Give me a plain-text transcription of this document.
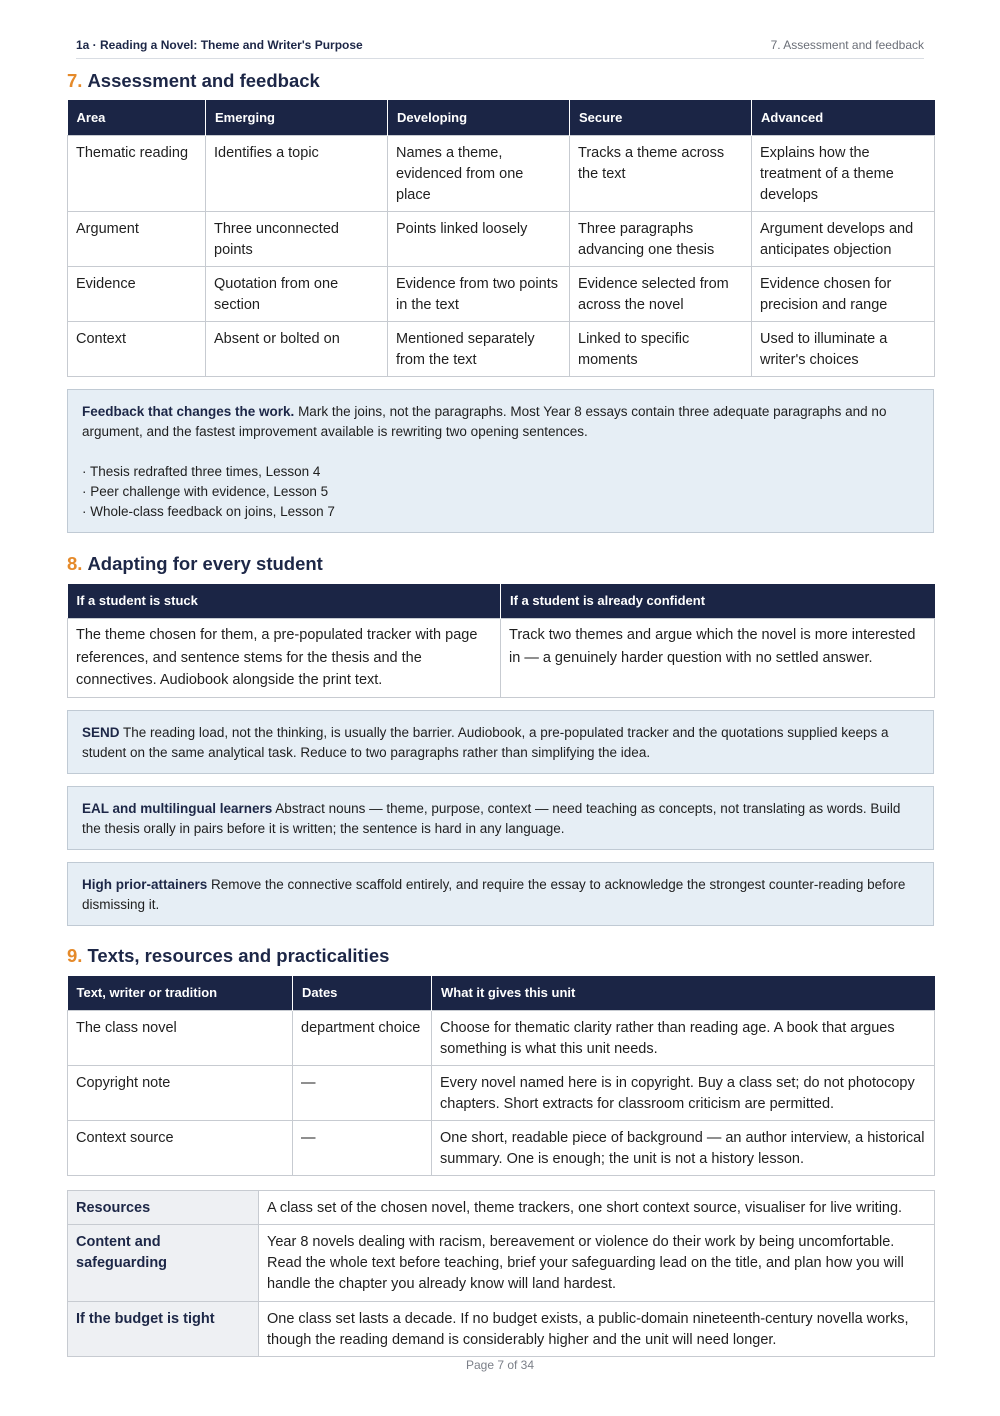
1a · Reading a Novel: Theme and Writer's Purpose	7. Assessment and feedback
7. Assessment and feedback
Area	Emerging	Developing	Secure	Advanced
Thematic reading	Identifies a topic	Names a theme, evidenced from one place	Tracks a theme across the text	Explains how the treatment of a theme develops
Argument	Three unconnected points	Points linked loosely	Three paragraphs advancing one thesis	Argument develops and anticipates objection
Evidence	Quotation from one section	Evidence from two points in the text	Evidence selected from across the novel	Evidence chosen for precision and range
Context	Absent or bolted on	Mentioned separately from the text	Linked to specific moments	Used to illuminate a writer's choices

Feedback that changes the work. Mark the joins, not the paragraphs. Most Year 8 essays contain three adequate paragraphs and no argument, and the fastest improvement available is rewriting two opening sentences.

· Thesis redrafted three times, Lesson 4
· Peer challenge with evidence, Lesson 5
· Whole-class feedback on joins, Lesson 7
8. Adapting for every student
If a student is stuck	If a student is already confident
The theme chosen for them, a pre-populated tracker with page references, and sentence stems for the thesis and the connectives. Audiobook alongside the print text.	Track two themes and argue which the novel is more interested in — a genuinely harder question with no settled answer.

SEND The reading load, not the thinking, is usually the barrier. Audiobook, a pre-populated tracker and the quotations supplied keeps a student on the same analytical task. Reduce to two paragraphs rather than simplifying the idea.

EAL and multilingual learners Abstract nouns — theme, purpose, context — need teaching as concepts, not translating as words. Build the thesis orally in pairs before it is written; the sentence is hard in any language.

High prior-attainers Remove the connective scaffold entirely, and require the essay to acknowledge the strongest counter-reading before dismissing it.

9. Texts, resources and practicalities
Text, writer or tradition	Dates	What it gives this unit
The class novel	department choice	Choose for thematic clarity rather than reading age. A book that argues something is what this unit needs.
Copyright note	—	Every novel named here is in copyright. Buy a class set; do not photocopy chapters. Short extracts for classroom criticism are permitted.
Context source	—	One short, readable piece of background — an author interview, a historical summary. One is enough; the unit is not a history lesson.
Resources	A class set of the chosen novel, theme trackers, one short context source, visualiser for live writing.
Content and safeguarding	Year 8 novels dealing with racism, bereavement or violence do their work by being uncomfortable. Read the whole text before teaching, brief your safeguarding lead on the title, and plan how you will handle the chapter you already know will land hardest.
If the budget is tight	One class set lasts a decade. If no budget exists, a public-domain nineteenth-century novella works, though the reading demand is considerably higher and the unit will need longer.
Page 7 of 34
